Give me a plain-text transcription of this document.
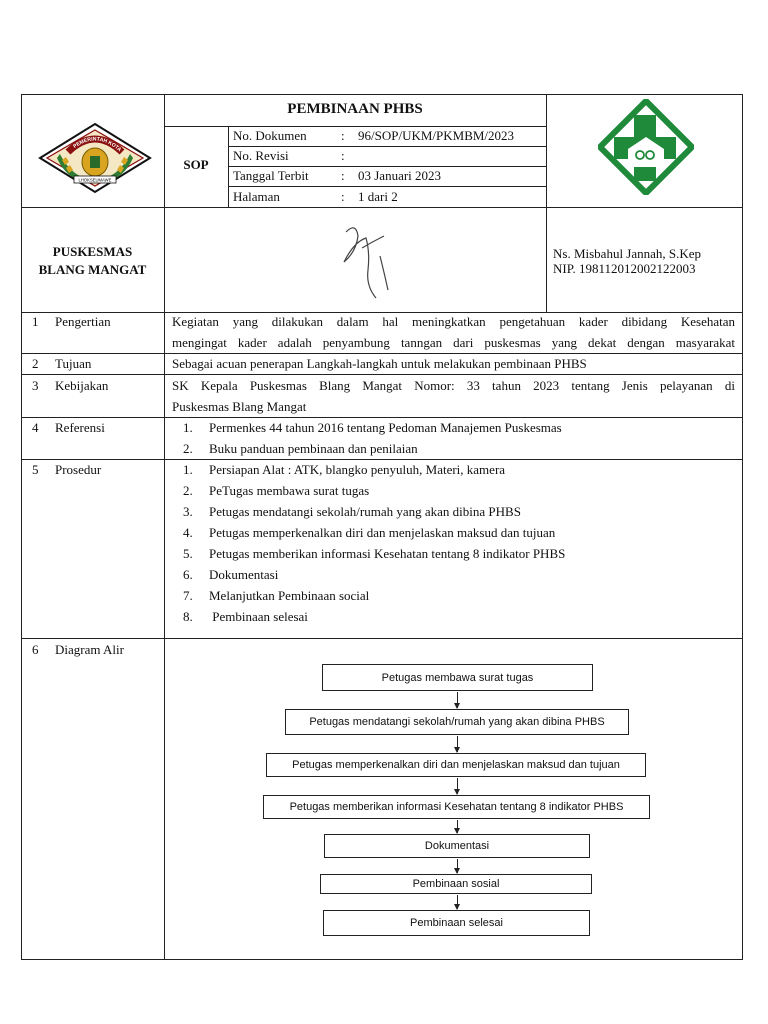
PEMERINTAH KOTA
LHOKSEUMAWE
PEMBINAAN PHBS
SOP
No. Dokumen	: 96/SOP/UKM/PKMBM/2023
No. Revisi	:
Tanggal Terbit : 03 Januari 2023
Halaman	: 1 dari 2
PUSKESMAS
BLANG MANGAT
Ns. Misbahul Jannah, S.Kep
NIP. 198112012002122003
1 Pengertian	Kegiatan yang dilakukan dalam hal meningkatkan pengetahuan kader dibidang Kesehatan
mengingat kader adalah penyambung tanngan dari puskesmas yang dekat dengan masyarakat
2 Tujuan	Sebagai acuan penerapan Langkah-langkah untuk melakukan pembinaan PHBS
3 Kebijakan	SK Kepala Puskesmas Blang Mangat Nomor: 33 tahun 2023 tentang Jenis pelayanan di
Puskesmas Blang Mangat
4 Referensi	1. Permenkes 44 tahun 2016 tentang Pedoman Manajemen Puskesmas
2. Buku panduan pembinaan dan penilaian
5 Prosedur	1. Persiapan Alat : ATK, blangko penyuluh, Materi, kamera
2. PeTugas membawa surat tugas
3. Petugas mendatangi sekolah/rumah yang akan dibina PHBS
4. Petugas memperkenalkan diri dan menjelaskan maksud dan tujuan
5. Petugas memberikan informasi Kesehatan tentang 8 indikator PHBS
6. Dokumentasi
7. Melanjutkan Pembinaan social
8. Pembinaan selesai
6 Diagram Alir
Petugas membawa surat tugas
Petugas mendatangi sekolah/rumah yang akan dibina PHBS
Petugas memperkenalkan diri dan menjelaskan maksud dan tujuan
Petugas memberikan informasi Kesehatan tentang 8 indikator PHBS
Dokumentasi
Pembinaan sosial
Pembinaan selesai
